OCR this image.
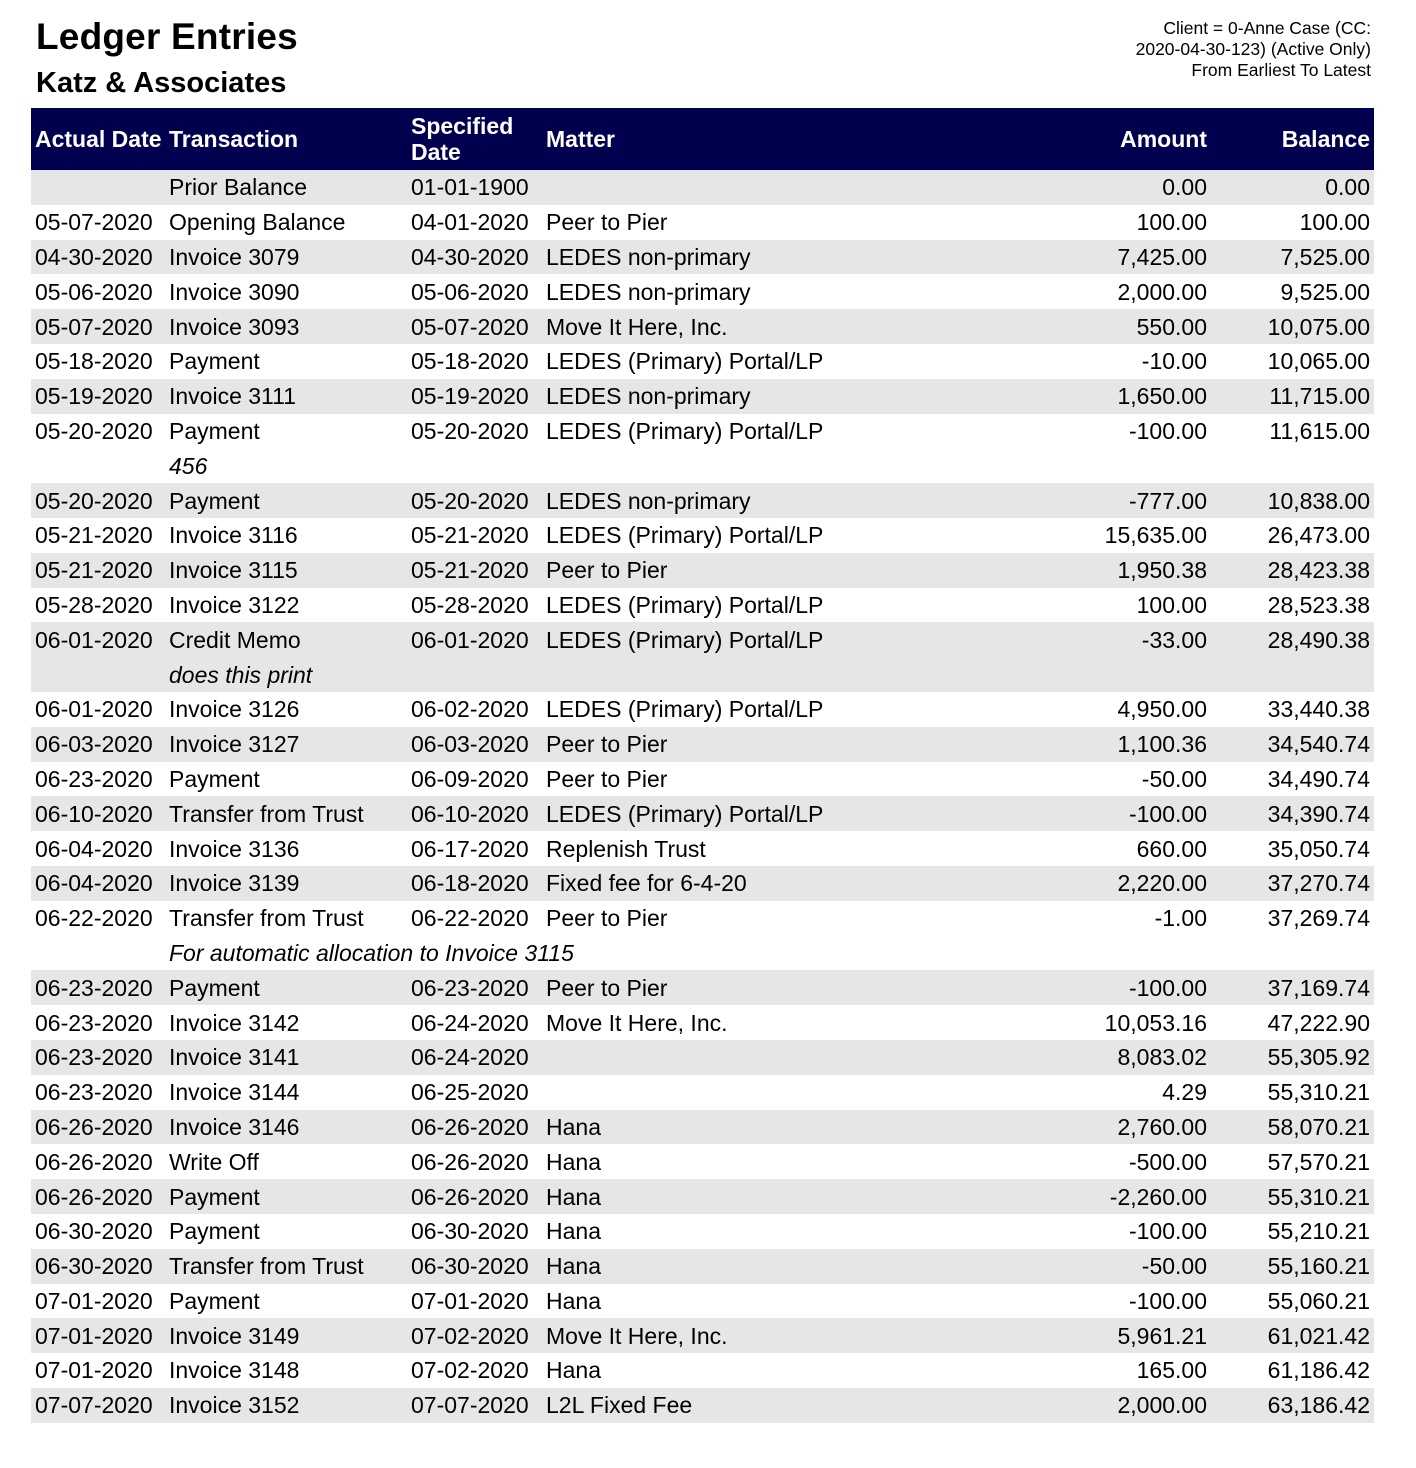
Ledger Entries
Katz & Associates
Client = 0-Anne Case (CC:
2020-04-30-123) (Active Only)
From Earliest To Latest
Actual Date	Transaction	Specified Date	Matter	Amount	Balance
	Prior Balance	01-01-1900		0.00	0.00
05-07-2020	Opening Balance	04-01-2020	Peer to Pier	100.00	100.00
04-30-2020	Invoice 3079	04-30-2020	LEDES non-primary	7,425.00	7,525.00
05-06-2020	Invoice 3090	05-06-2020	LEDES non-primary	2,000.00	9,525.00
05-07-2020	Invoice 3093	05-07-2020	Move It Here, Inc.	550.00	10,075.00
05-18-2020	Payment	05-18-2020	LEDES (Primary) Portal/LP	-10.00	10,065.00
05-19-2020	Invoice 3111	05-19-2020	LEDES non-primary	1,650.00	11,715.00
05-20-2020	Payment	05-20-2020	LEDES (Primary) Portal/LP	-100.00	11,615.00
	456				
05-20-2020	Payment	05-20-2020	LEDES non-primary	-777.00	10,838.00
05-21-2020	Invoice 3116	05-21-2020	LEDES (Primary) Portal/LP	15,635.00	26,473.00
05-21-2020	Invoice 3115	05-21-2020	Peer to Pier	1,950.38	28,423.38
05-28-2020	Invoice 3122	05-28-2020	LEDES (Primary) Portal/LP	100.00	28,523.38
06-01-2020	Credit Memo	06-01-2020	LEDES (Primary) Portal/LP	-33.00	28,490.38
	does this print				
06-01-2020	Invoice 3126	06-02-2020	LEDES (Primary) Portal/LP	4,950.00	33,440.38
06-03-2020	Invoice 3127	06-03-2020	Peer to Pier	1,100.36	34,540.74
06-23-2020	Payment	06-09-2020	Peer to Pier	-50.00	34,490.74
06-10-2020	Transfer from Trust	06-10-2020	LEDES (Primary) Portal/LP	-100.00	34,390.74
06-04-2020	Invoice 3136	06-17-2020	Replenish Trust	660.00	35,050.74
06-04-2020	Invoice 3139	06-18-2020	Fixed fee for 6-4-20	2,220.00	37,270.74
06-22-2020	Transfer from Trust	06-22-2020	Peer to Pier	-1.00	37,269.74
	For automatic allocation to Invoice 3115				
06-23-2020	Payment	06-23-2020	Peer to Pier	-100.00	37,169.74
06-23-2020	Invoice 3142	06-24-2020	Move It Here, Inc.	10,053.16	47,222.90
06-23-2020	Invoice 3141	06-24-2020		8,083.02	55,305.92
06-23-2020	Invoice 3144	06-25-2020		4.29	55,310.21
06-26-2020	Invoice 3146	06-26-2020	Hana	2,760.00	58,070.21
06-26-2020	Write Off	06-26-2020	Hana	-500.00	57,570.21
06-26-2020	Payment	06-26-2020	Hana	-2,260.00	55,310.21
06-30-2020	Payment	06-30-2020	Hana	-100.00	55,210.21
06-30-2020	Transfer from Trust	06-30-2020	Hana	-50.00	55,160.21
07-01-2020	Payment	07-01-2020	Hana	-100.00	55,060.21
07-01-2020	Invoice 3149	07-02-2020	Move It Here, Inc.	5,961.21	61,021.42
07-01-2020	Invoice 3148	07-02-2020	Hana	165.00	61,186.42
07-07-2020	Invoice 3152	07-07-2020	L2L Fixed Fee	2,000.00	63,186.42
